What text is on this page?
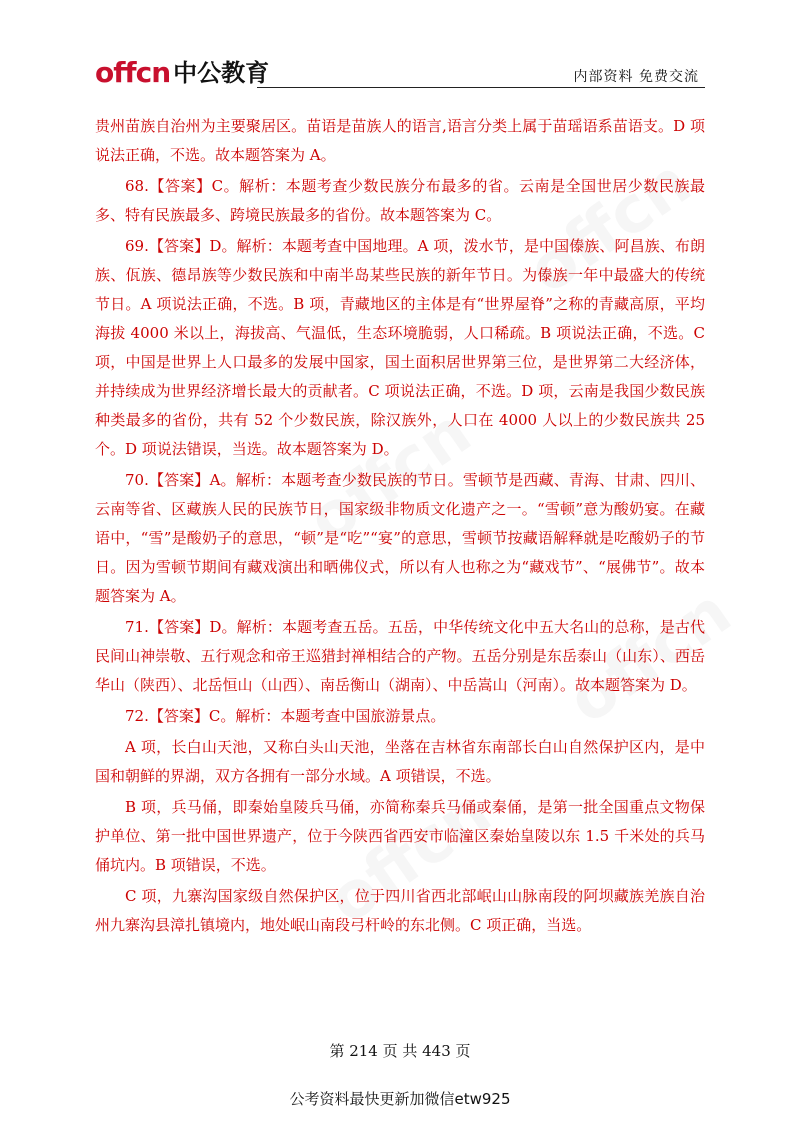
offcn 中公教育	内部资料 免费交流

贵州苗族自治州为主要聚居区。苗语是苗族人的语言,语言分类上属于苗瑶语系苗语支。D 项说法正确，不选。故本题答案为 A。

68.【答案】C。解析：本题考查少数民族分布最多的省。云南是全国世居少数民族最多、特有民族最多、跨境民族最多的省份。故本题答案为 C。

69.【答案】D。解析：本题考查中国地理。A 项，泼水节，是中国傣族、阿昌族、布朗族、佤族、德昂族等少数民族和中南半岛某些民族的新年节日。为傣族一年中最盛大的传统节日。A 项说法正确，不选。B 项，青藏地区的主体是有“世界屋脊”之称的青藏高原，平均海拔 4000 米以上，海拔高、气温低，生态环境脆弱，人口稀疏。B 项说法正确，不选。C 项，中国是世界上人口最多的发展中国家，国土面积居世界第三位，是世界第二大经济体，并持续成为世界经济增长最大的贡献者。C 项说法正确，不选。D 项，云南是我国少数民族种类最多的省份，共有 52 个少数民族，除汉族外，人口在 4000 人以上的少数民族共 25 个。D 项说法错误，当选。故本题答案为 D。

70.【答案】A。解析：本题考查少数民族的节日。雪顿节是西藏、青海、甘肃、四川、云南等省、区藏族人民的民族节日，国家级非物质文化遗产之一。“雪顿”意为酸奶宴。在藏语中，“雪”是酸奶子的意思，“顿”是“吃”“宴”的意思，雪顿节按藏语解释就是吃酸奶子的节日。因为雪顿节期间有藏戏演出和晒佛仪式，所以有人也称之为“藏戏节”、“展佛节”。故本题答案为 A。

71.【答案】D。解析：本题考查五岳。五岳，中华传统文化中五大名山的总称，是古代民间山神崇敬、五行观念和帝王巡猎封禅相结合的产物。五岳分别是东岳泰山（山东）、西岳华山（陕西）、北岳恒山（山西）、南岳衡山（湖南）、中岳嵩山（河南）。故本题答案为 D。

72.【答案】C。解析：本题考查中国旅游景点。

A 项，长白山天池，又称白头山天池，坐落在吉林省东南部长白山自然保护区内，是中国和朝鲜的界湖，双方各拥有一部分水域。A 项错误，不选。

B 项，兵马俑，即秦始皇陵兵马俑，亦简称秦兵马俑或秦俑，是第一批全国重点文物保护单位、第一批中国世界遗产，位于今陕西省西安市临潼区秦始皇陵以东 1.5 千米处的兵马俑坑内。B 项错误，不选。

C 项，九寨沟国家级自然保护区，位于四川省西北部岷山山脉南段的阿坝藏族羌族自治州九寨沟县漳扎镇境内，地处岷山南段弓杆岭的东北侧。C 项正确，当选。

第 214 页 共 443 页
公考资料最快更新加微信etw925
